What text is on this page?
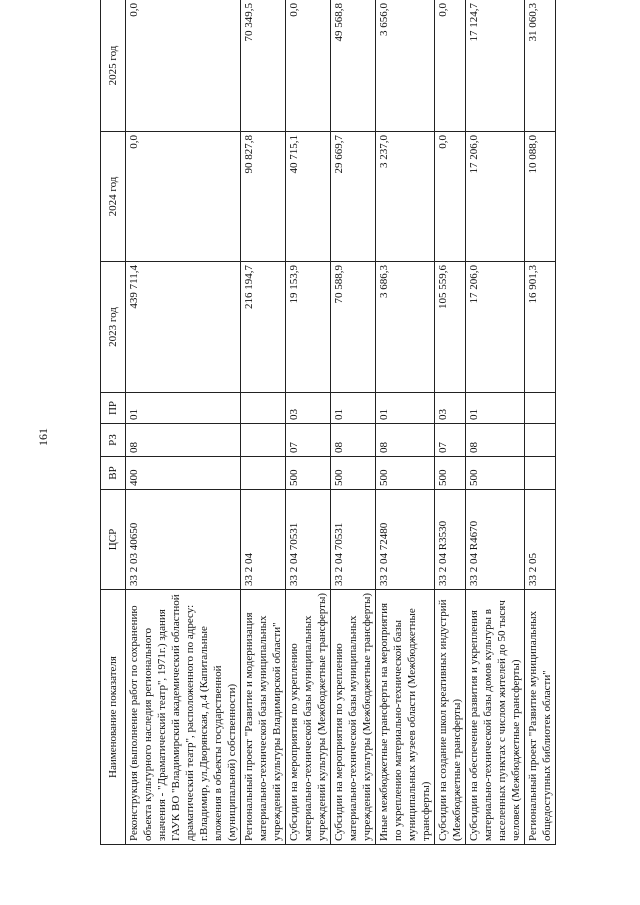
161
Наименование показателя	ЦСР	ВР	РЗ	ПР	2023 год	2024 год	2025 год
Реконструкция (выполнение работ по сохранению объекта культурного наследия регионального значения - "Драматический театр", 1971г.) здания ГАУК ВО "Владимирский академический областной драматический театр", расположенного по адресу: г.Владимир, ул.Дворянская, д.4 (Капитальные вложения в объекты государственной (муниципальной) собственности)	33 2 03 40650	400	08	01	439 711,4	0,0	0,0
Региональный проект "Развитие и модернизация материально-технической базы муниципальных учреждений культуры Владимирской области"	33 2 04				216 194,7	90 827,8	70 349,5
Субсидии на мероприятия по укреплению материально-технической базы муниципальных учреждений культуры (Межбюджетные трансферты)	33 2 04 70531	500	07	03	19 153,9	40 715,1	0,0
Субсидии на мероприятия по укреплению материально-технической базы муниципальных учреждений культуры (Межбюджетные трансферты)	33 2 04 70531	500	08	01	70 588,9	29 669,7	49 568,8
Иные межбюджетные трансферты на мероприятия по укреплению материально-технической базы муниципальных музеев области (Межбюджетные трансферты)	33 2 04 72480	500	08	01	3 686,3	3 237,0	3 656,0
Субсидии на создание школ креативных индустрий (Межбюджетные трансферты)	33 2 04 R3530	500	07	03	105 559,6	0,0	0,0
Субсидии на обеспечение развития и укрепления материально-технической базы домов культуры в населенных пунктах с числом жителей до 50 тысяч человек (Межбюджетные трансферты)	33 2 04 R4670	500	08	01	17 206,0	17 206,0	17 124,7
Региональный проект "Развитие муниципальных общедоступных библиотек области"	33 2 05				16 901,3	10 088,0	31 060,3
